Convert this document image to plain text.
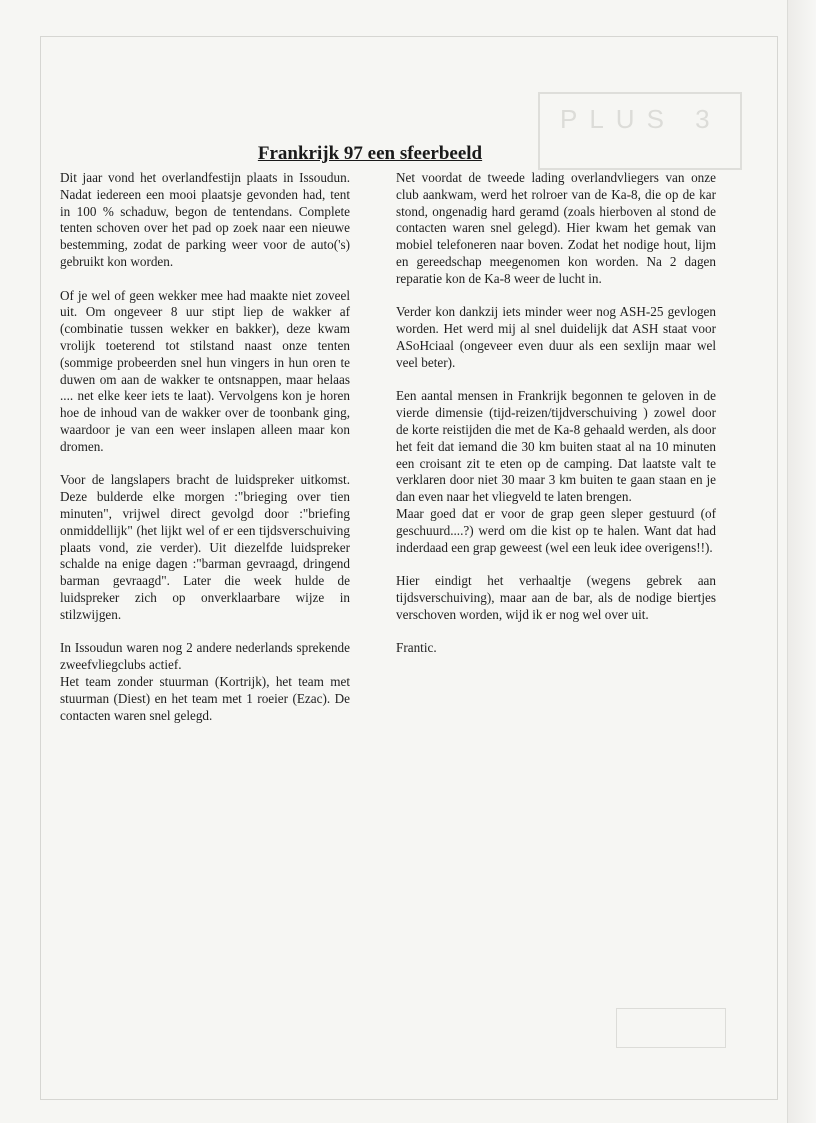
PLUS 3
Frankrijk 97 een sfeerbeeld

Dit jaar vond het overlandfestijn plaats in Issoudun. Nadat iedereen een mooi plaatsje gevonden had, tent in 100 % schaduw, begon de tentendans. Complete tenten schoven over het pad op zoek naar een nieuwe bestemming, zodat de parking weer voor de auto('s) gebruikt kon worden.

Of je wel of geen wekker mee had maakte niet zoveel uit. Om ongeveer 8 uur stipt liep de wakker af (combinatie tussen wekker en bakker), deze kwam vrolijk toeterend tot stilstand naast onze tenten (sommige probeerden snel hun vingers in hun oren te duwen om aan de wakker te ontsnappen, maar helaas .... net elke keer iets te laat). Vervolgens kon je horen hoe de inhoud van de wakker over de toonbank ging, waardoor je van een weer inslapen alleen maar kon dromen.

Voor de langslapers bracht de luidspreker uitkomst. Deze bulderde elke morgen :"brieging over tien minuten", vrijwel direct gevolgd door :"briefing onmiddellijk" (het lijkt wel of er een tijdsverschuiving plaats vond, zie verder). Uit diezelfde luidspreker schalde na enige dagen :"barman gevraagd, dringend barman gevraagd". Later die week hulde de luidspreker zich op onverklaarbare wijze in stilzwijgen.

In Issoudun waren nog 2 andere nederlands sprekende zweefvliegclubs actief.

Het team zonder stuurman (Kortrijk), het team met stuurman (Diest) en het team met 1 roeier (Ezac). De contacten waren snel gelegd.

Net voordat de tweede lading overlandvliegers van onze club aankwam, werd het rolroer van de Ka-8, die op de kar stond, ongenadig hard geramd (zoals hierboven al stond de contacten waren snel gelegd). Hier kwam het gemak van mobiel telefoneren naar boven. Zodat het nodige hout, lijm en gereedschap meegenomen kon worden. Na 2 dagen reparatie kon de Ka-8 weer de lucht in.

Verder kon dankzij iets minder weer nog ASH-25 gevlogen worden. Het werd mij al snel duidelijk dat ASH staat voor ASoHciaal (ongeveer even duur als een sexlijn maar wel veel beter).

Een aantal mensen in Frankrijk begonnen te geloven in de vierde dimensie (tijd-reizen/tijdverschuiving ) zowel door de korte reistijden die met de Ka-8 gehaald werden, als door het feit dat iemand die 30 km buiten staat al na 10 minuten een croisant zit te eten op de camping. Dat laatste valt te verklaren door niet 30 maar 3 km buiten te gaan staan en je dan even naar het vliegveld te laten brengen.

Maar goed dat er voor de grap geen sleper gestuurd (of geschuurd....?) werd om die kist op te halen. Want dat had inderdaad een grap geweest (wel een leuk idee overigens!!).

Hier eindigt het verhaaltje (wegens gebrek aan tijdsverschuiving), maar aan de bar, als de nodige biertjes verschoven worden, wijd ik er nog wel over uit.

Frantic.
